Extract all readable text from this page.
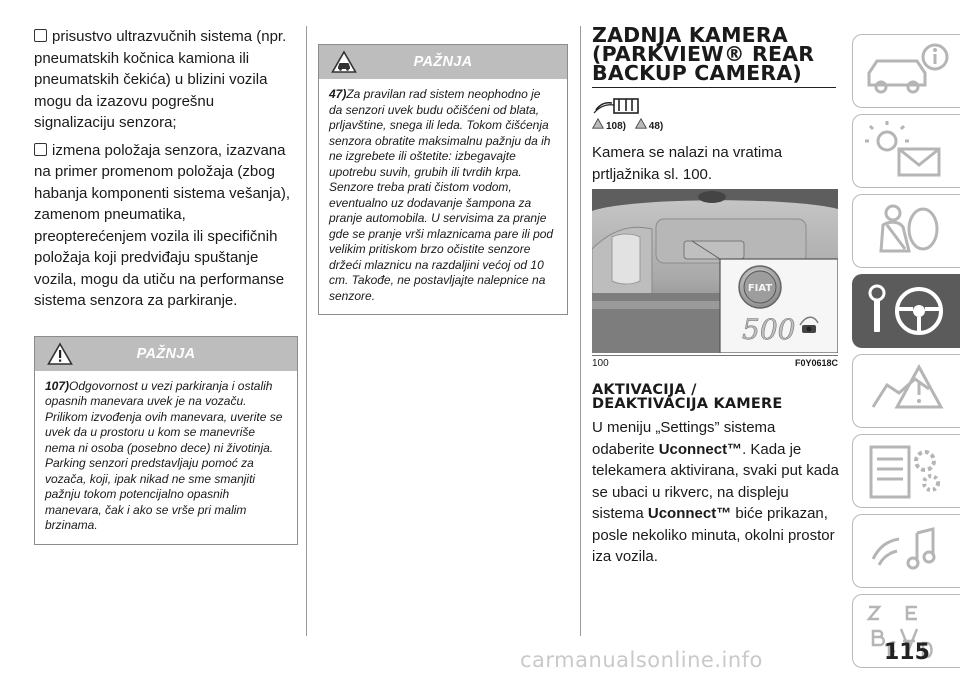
prisustvo ultrazvučnih sistema (npr. pneumatskih kočnica kamiona ili pneumatskih čekića) u blizini vozila mogu da izazovu pogrešnu signalizaciju senzora;

izmena položaja senzora, izazvana na primer promenom položaja (zbog habanja komponenti sistema vešanja), zamenom pneumatika, preopterećenjem vozila ili specifičnih položaja koji predviđaju spuštanje vozila, mogu da utiču na performanse sistema senzora za parkiranje.

PAŽNJA
107)Odgovornost u vezi parkiranja i ostalih opasnih manevara uvek je na vozaču. Prilikom izvođenja ovih manevara, uverite se uvek da u prostoru u kom se manevriše nema ni osoba (posebno dece) ni životinja. Parking senzori predstavljaju pomoć za vozača, koji, ipak nikad ne sme smanjiti pažnju tokom potencijalno opasnih manevara, čak i ako se vrše pri malim brzinama.
PAŽNJA
47)Za pravilan rad sistem neophodno je da senzori uvek budu očišćeni od blata, prljavštine, snega ili leda. Tokom čišćenja senzora obratite maksimalnu pažnju da ih ne izgrebete ili oštetite: izbegavajte upotrebu suvih, grubih ili tvrdih krpa. Senzore treba prati čistom vodom, eventualno uz dodavanje šampona za pranje automobila. U servisima za pranje gde se pranje vrši mlaznicama pare ili pod velikim pritiskom brzo očistite senzore držeći mlaznicu na razdaljini većoj od 10 cm. Takođe, ne postavljajte nalepnice na senzore.
ZADNJA KAMERA
(PARKVIEW® REAR
BACKUP CAMERA)
108) 48)

Kamera se nalazi na vratima prtljažnika sl. 100.

FIAT
500
100	F0Y0618C
AKTIVACIJA /
DEAKTIVACIJA KAMERE

U meniju „Settings” sistema odaberite Uconnect™. Kada je telekamera aktivirana, svaki put kada se ubaci u rikverc, na displeju sistema Uconnect™ biće prikazan, posle nekoliko minuta, okolni prostor iza vozila.

115
carmanualsonline.info
